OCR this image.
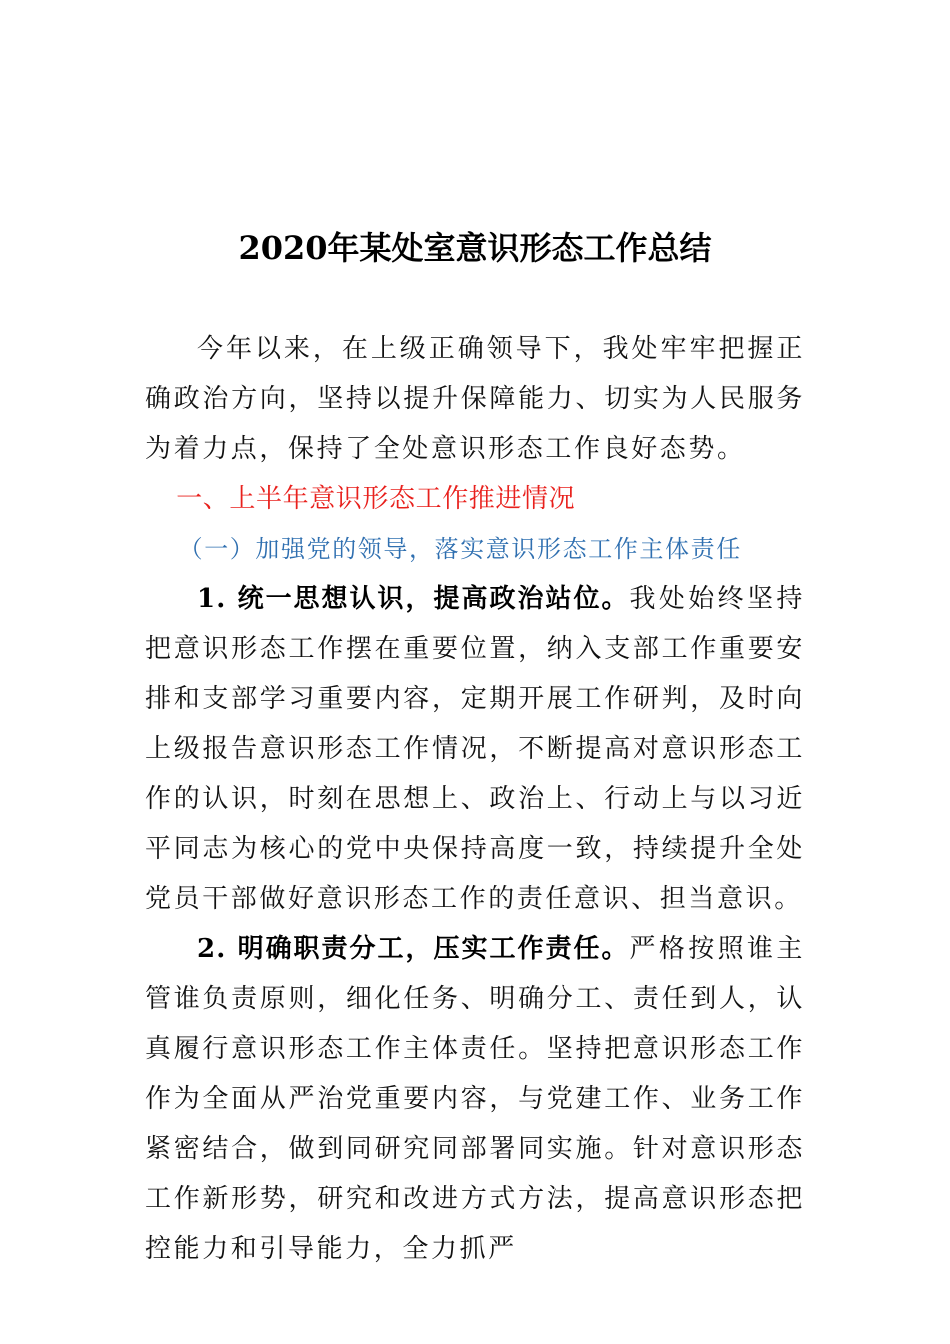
2020年某处室意识形态工作总结

今年以来，在上级正确领导下，我处牢牢把握正确政治方向，坚持以提升保障能力、切实为人民服务为着力点，保持了全处意识形态工作良好态势。

一、上半年意识形态工作推进情况

（一）加强党的领导，落实意识形态工作主体责任

1. 统一思想认识，提高政治站位。我处始终坚持把意识形态工作摆在重要位置，纳入支部工作重要安排和支部学习重要内容，定期开展工作研判，及时向上级报告意识形态工作情况，不断提高对意识形态工作的认识，时刻在思想上、政治上、行动上与以习近平同志为核心的党中央保持高度一致，持续提升全处党员干部做好意识形态工作的责任意识、担当意识。

2. 明确职责分工，压实工作责任。严格按照谁主管谁负责原则，细化任务、明确分工、责任到人，认真履行意识形态工作主体责任。坚持把意识形态工作作为全面从严治党重要内容，与党建工作、业务工作紧密结合，做到同研究同部署同实施。针对意识形态工作新形势，研究和改进方式方法，提高意识形态把控能力和引导能力，全力抓严
